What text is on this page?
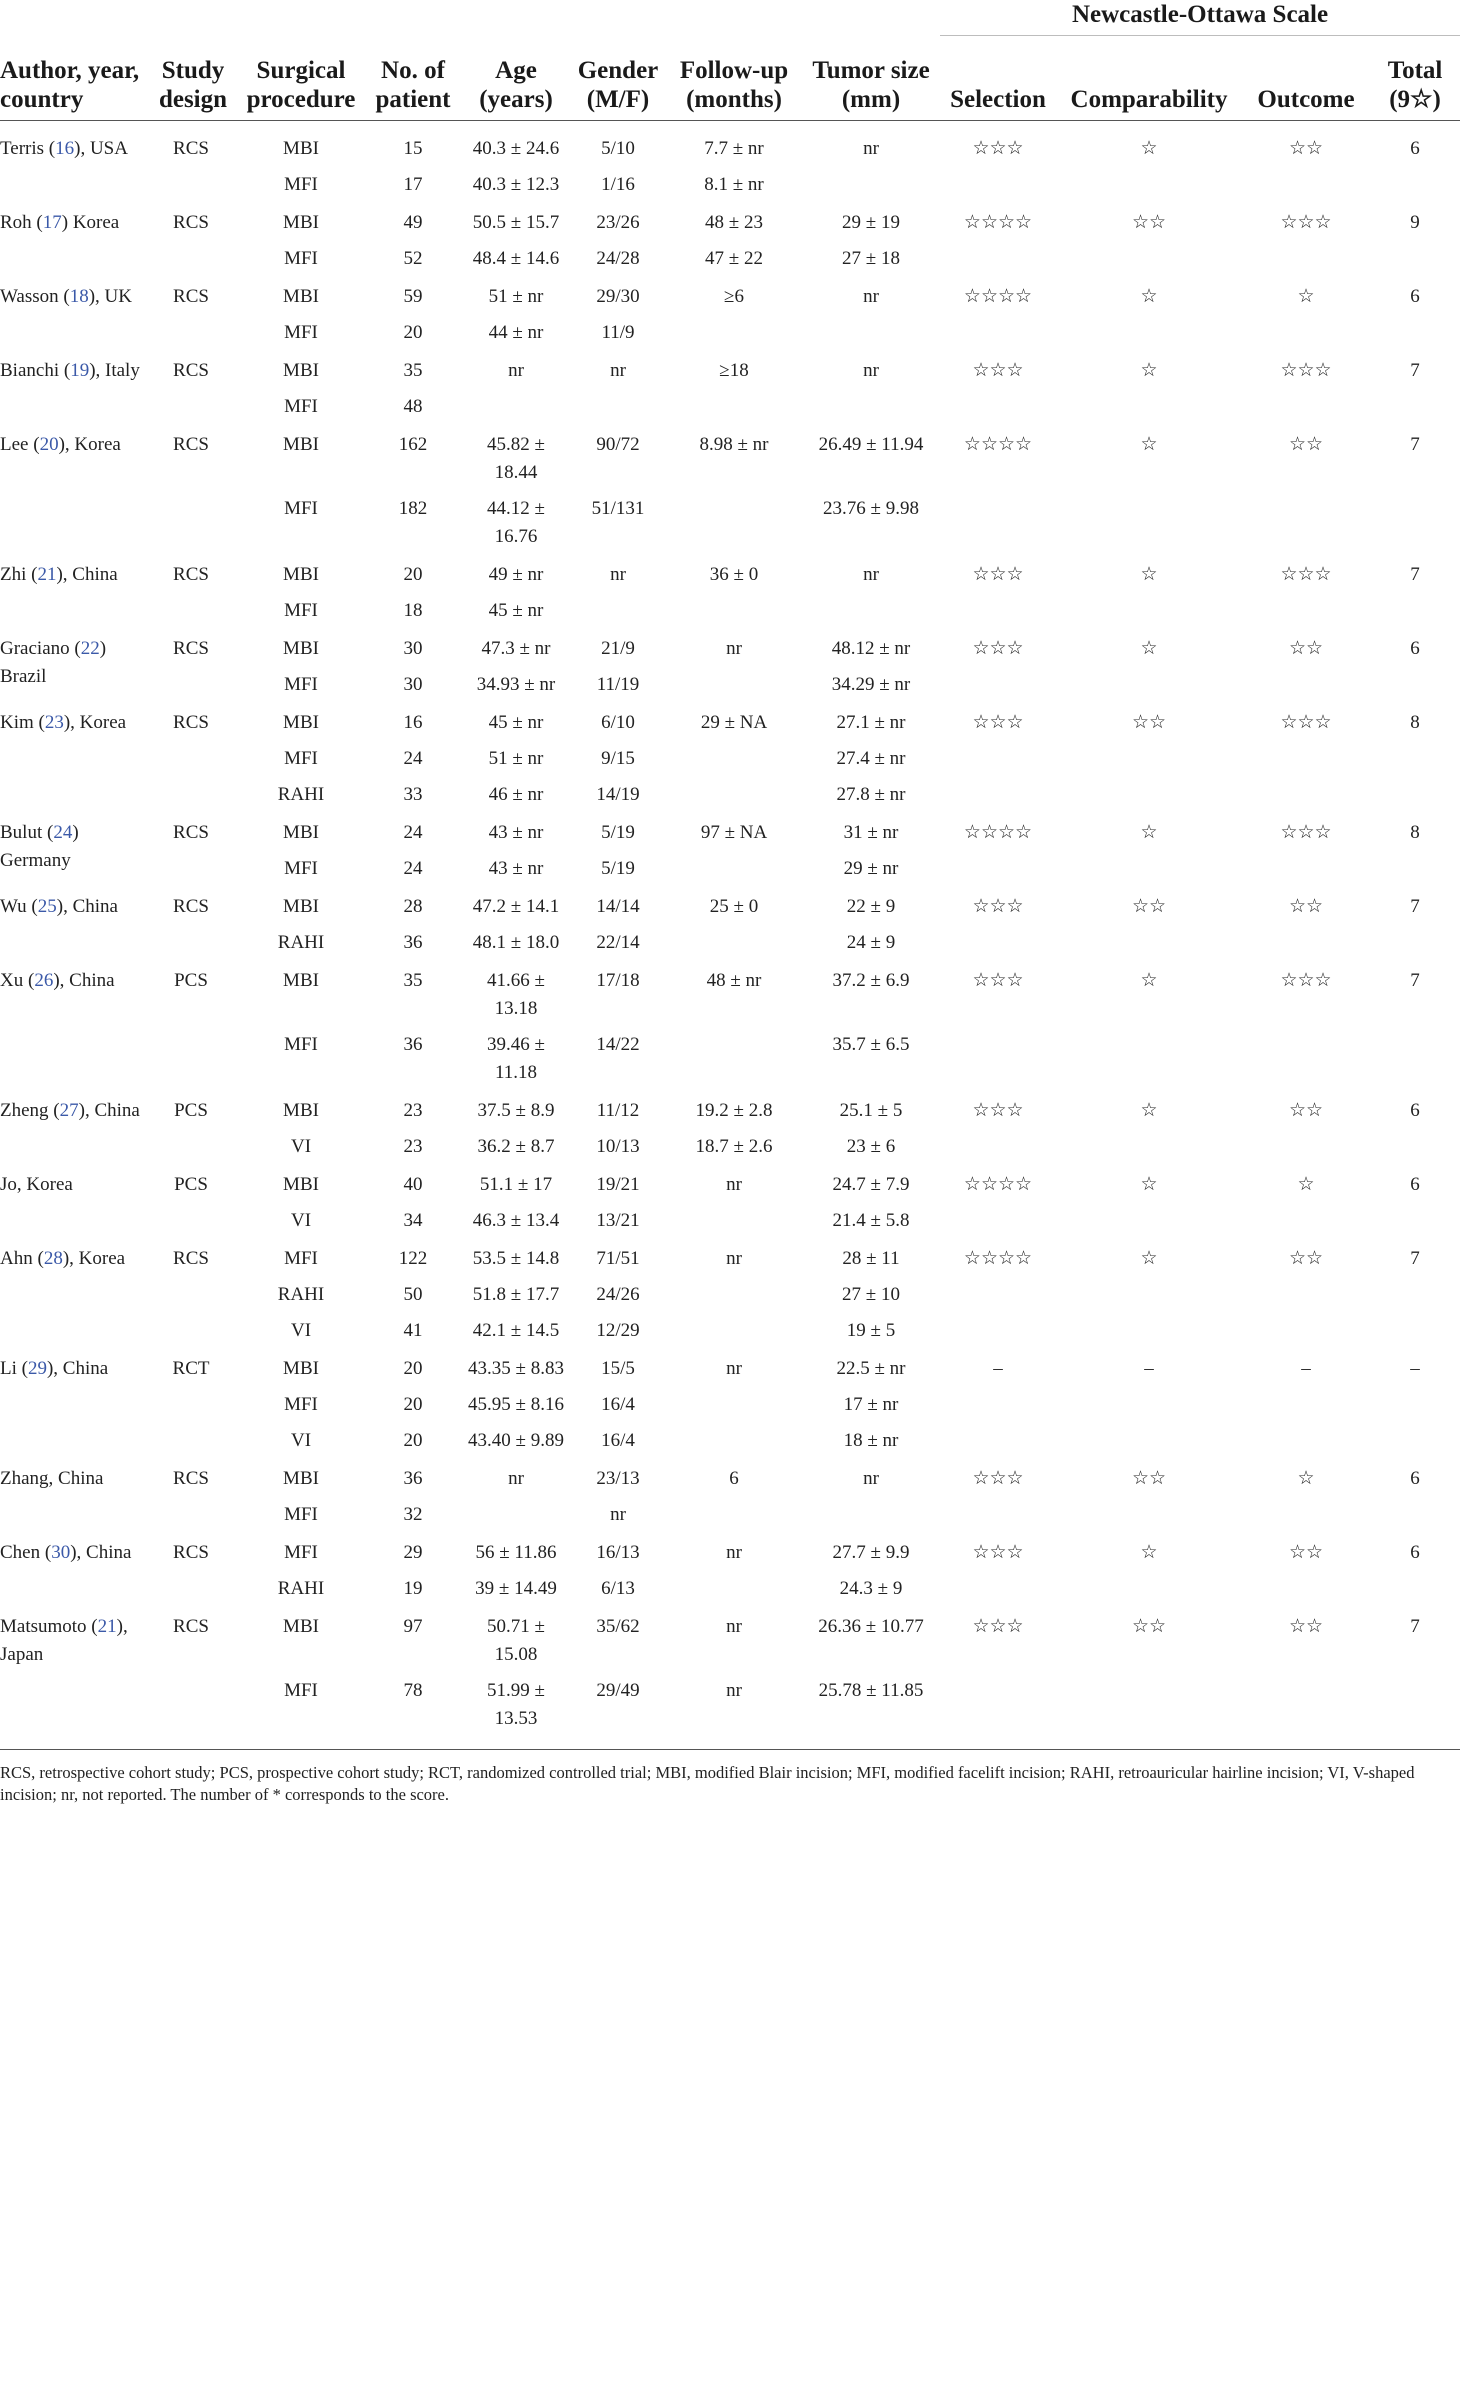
Author, year, country	Study design	Surgical procedure	No. of patient	Age (years)	Gender (M/F)	Follow-up (months)	Tumor size (mm)	Newcastle-Ottawa Scale			
								Selection	Comparability	Outcome	Total (9☆)
Terris (16), USA	RCS	MBI	15	40.3 ± 24.6	5/10	7.7 ± nr	nr	☆☆☆	☆	☆☆	6
		MFI	17	40.3 ± 12.3	1/16	8.1 ± nr					
Roh (17) Korea	RCS	MBI	49	50.5 ± 15.7	23/26	48 ± 23	29 ± 19	☆☆☆☆	☆☆	☆☆☆	9
		MFI	52	48.4 ± 14.6	24/28	47 ± 22	27 ± 18				
Wasson (18), UK	RCS	MBI	59	51 ± nr	29/30	≥6	nr	☆☆☆☆	☆	☆	6
		MFI	20	44 ± nr	11/9						
Bianchi (19), Italy	RCS	MBI	35	nr	nr	≥18	nr	☆☆☆	☆	☆☆☆	7
		MFI	48								
Lee (20), Korea	RCS	MBI	162	45.82 ± 18.44	90/72	8.98 ± nr	26.49 ± 11.94	☆☆☆☆	☆	☆☆	7
		MFI	182	44.12 ± 16.76	51/131		23.76 ± 9.98				
Zhi (21), China	RCS	MBI	20	49 ± nr	nr	36 ± 0	nr	☆☆☆	☆	☆☆☆	7
		MFI	18	45 ± nr							
Graciano (22) Brazil	RCS	MBI	30	47.3 ± nr	21/9	nr	48.12 ± nr	☆☆☆	☆	☆☆	6
		MFI	30	34.93 ± nr	11/19		34.29 ± nr				
Kim (23), Korea	RCS	MBI	16	45 ± nr	6/10	29 ± NA	27.1 ± nr	☆☆☆	☆☆	☆☆☆	8
		MFI	24	51 ± nr	9/15		27.4 ± nr				
		RAHI	33	46 ± nr	14/19		27.8 ± nr				
Bulut (24) Germany	RCS	MBI	24	43 ± nr	5/19	97 ± NA	31 ± nr	☆☆☆☆	☆	☆☆☆	8
		MFI	24	43 ± nr	5/19		29 ± nr				
Wu (25), China	RCS	MBI	28	47.2 ± 14.1	14/14	25 ± 0	22 ± 9	☆☆☆	☆☆	☆☆	7
		RAHI	36	48.1 ± 18.0	22/14		24 ± 9				
Xu (26), China	PCS	MBI	35	41.66 ± 13.18	17/18	48 ± nr	37.2 ± 6.9	☆☆☆	☆	☆☆☆	7
		MFI	36	39.46 ± 11.18	14/22		35.7 ± 6.5				
Zheng (27), China	PCS	MBI	23	37.5 ± 8.9	11/12	19.2 ± 2.8	25.1 ± 5	☆☆☆	☆	☆☆	6
		VI	23	36.2 ± 8.7	10/13	18.7 ± 2.6	23 ± 6				
Jo, Korea	PCS	MBI	40	51.1 ± 17	19/21	nr	24.7 ± 7.9	☆☆☆☆	☆	☆	6
		VI	34	46.3 ± 13.4	13/21		21.4 ± 5.8				
Ahn (28), Korea	RCS	MFI	122	53.5 ± 14.8	71/51	nr	28 ± 11	☆☆☆☆	☆	☆☆	7
		RAHI	50	51.8 ± 17.7	24/26		27 ± 10				
		VI	41	42.1 ± 14.5	12/29		19 ± 5				
Li (29), China	RCT	MBI	20	43.35 ± 8.83	15/5	nr	22.5 ± nr	–	–	–	–
		MFI	20	45.95 ± 8.16	16/4		17 ± nr				
		VI	20	43.40 ± 9.89	16/4		18 ± nr				
Zhang, China	RCS	MBI	36	nr	23/13	6	nr	☆☆☆	☆☆	☆	6
		MFI	32		nr						
Chen (30), China	RCS	MFI	29	56 ± 11.86	16/13	nr	27.7 ± 9.9	☆☆☆	☆	☆☆	6
		RAHI	19	39 ± 14.49	6/13		24.3 ± 9				
Matsumoto (21), Japan	RCS	MBI	97	50.71 ± 15.08	35/62	nr	26.36 ± 10.77	☆☆☆	☆☆	☆☆	7
		MFI	78	51.99 ± 13.53	29/49	nr	25.78 ± 11.85				
RCS, retrospective cohort study; PCS, prospective cohort study; RCT, randomized controlled trial; MBI, modified Blair incision; MFI, modified facelift incision; RAHI, retroauricular hairline incision; VI, V-shaped incision; nr, not reported. The number of * corresponds to the score.											
